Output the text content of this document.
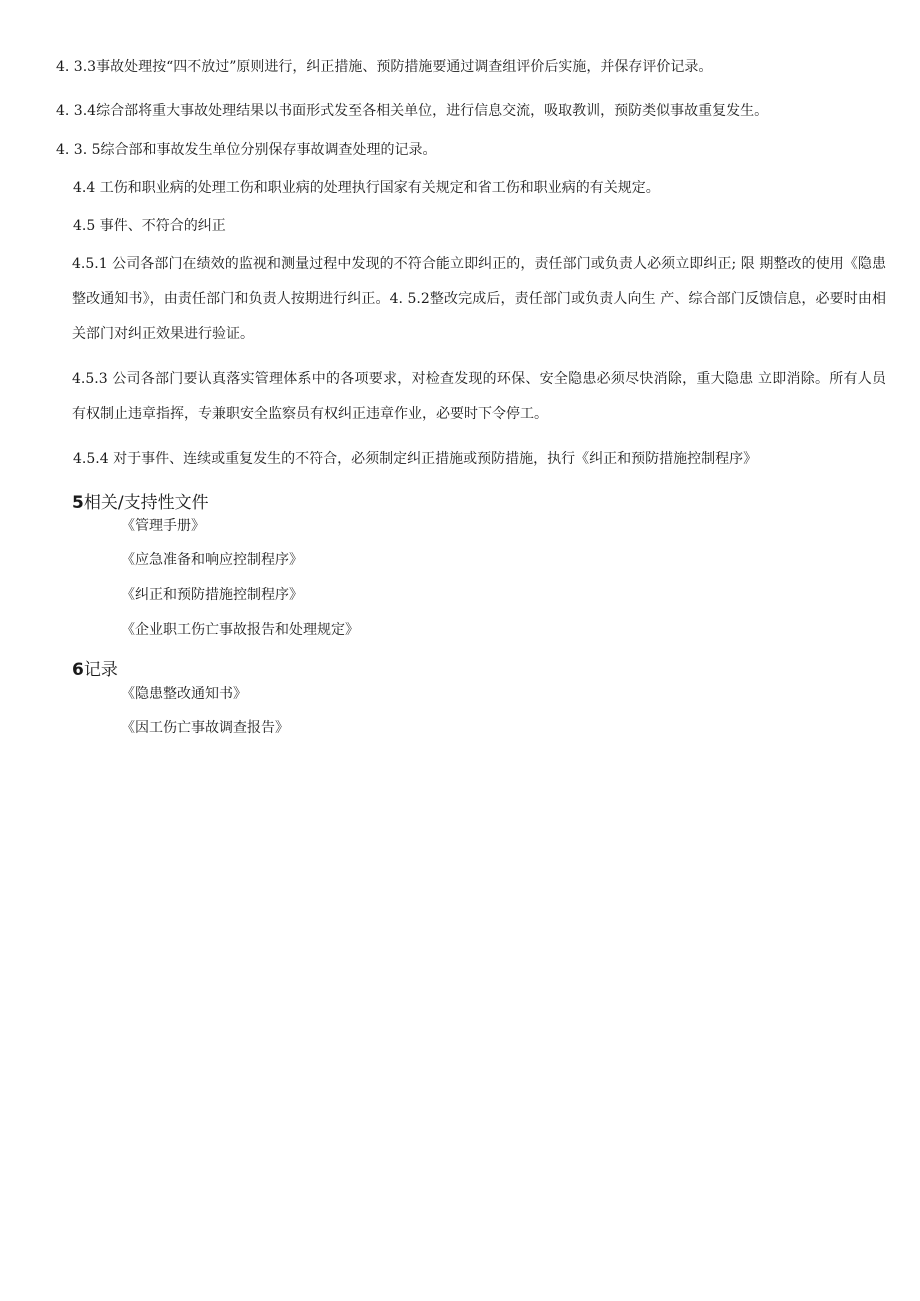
4. 3.3事故处理按“四不放过”原则进行，纠正措施、预防措施要通过调查组评价后实施，并保存评价记录。
4. 3.4综合部将重大事故处理结果以书面形式发至各相关单位，进行信息交流，吸取教训，预防类似事故重复发生。
4. 3. 5综合部和事故发生单位分别保存事故调查处理的记录。
4.4 工伤和职业病的处理工伤和职业病的处理执行国家有关规定和省工伤和职业病的有关规定。
4.5 事件、不符合的纠正
4.5.1 公司各部门在绩效的监视和测量过程中发现的不符合能立即纠正的，责任部门或负责人必须立即纠正; 限 期整改的使用《隐患整改通知书》，由责任部门和负责人按期进行纠正。4. 5.2整改完成后，责任部门或负责人向生 产、综合部门反馈信息，必要时由相关部门对纠正效果进行验证。
4.5.3 公司各部门要认真落实管理体系中的各项要求，对检查发现的环保、安全隐患必须尽快消除，重大隐患 立即消除。所有人员有权制止违章指挥，专兼职安全监察员有权纠正违章作业，必要时下令停工。
4.5.4 对于事件、连续或重复发生的不符合，必须制定纠正措施或预防措施，执行《纠正和预防措施控制程序》
5相关/支持性文件
《管理手册》
《应急准备和响应控制程序》
《纠正和预防措施控制程序》
《企业职工伤亡事故报告和处理规定》
6记录
《隐患整改通知书》
《因工伤亡事故调查报告》
